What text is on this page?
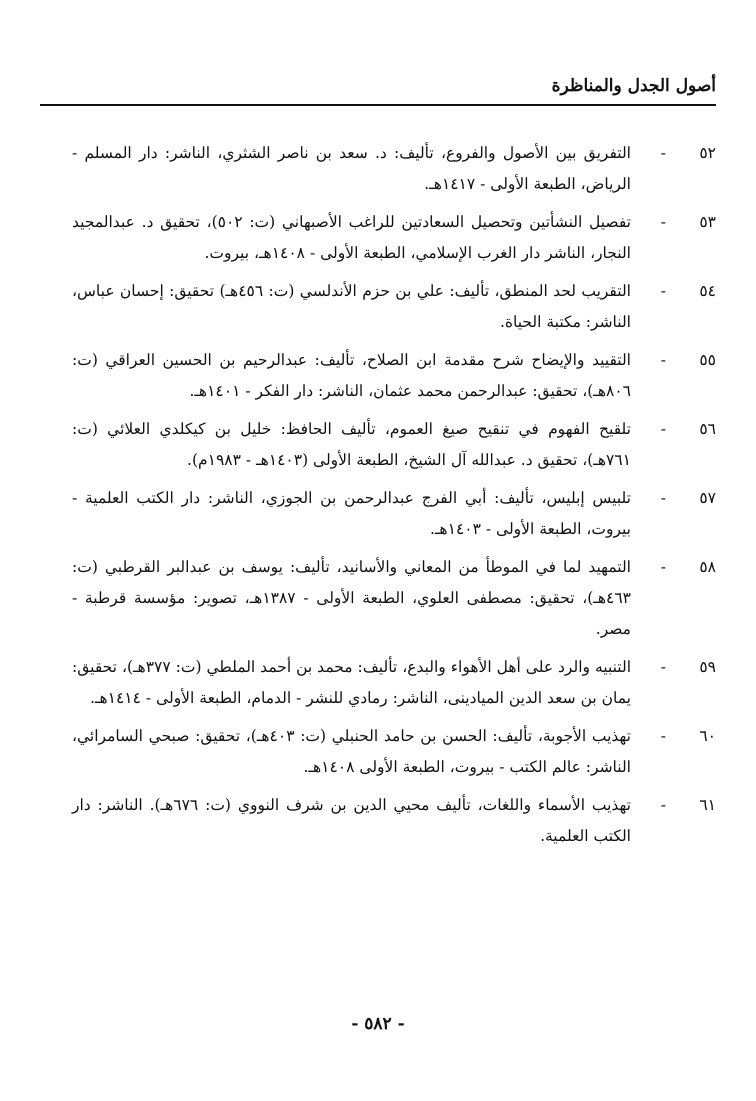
أصول الجدل والمناظرة
٥٢
-
التفريق بين الأصول والفروع، تأليف: د. سعد بن ناصر الشثري، الناشر: دار المسلم - الرياض، الطبعة الأولى - ١٤١٧هـ.
٥٣
-
تفصيل النشأتين وتحصيل السعادتين للراغب الأصبهاني (ت: ٥٠٢)، تحقيق د. عبدالمجيد النجار، الناشر دار الغرب الإسلامي، الطبعة الأولى - ١٤٠٨هـ، بيروت.
٥٤
-
التقريب لحد المنطق، تأليف: علي بن حزم الأندلسي (ت: ٤٥٦هـ) تحقيق: إحسان عباس، الناشر: مكتبة الحياة.
٥٥
-
التقييد والإيضاح شرح مقدمة ابن الصلاح، تأليف: عبدالرحيم بن الحسين العراقي (ت: ٨٠٦هـ)، تحقيق: عبدالرحمن محمد عثمان، الناشر: دار الفكر - ١٤٠١هـ.
٥٦
-
تلقيح الفهوم في تنقيح صيغ العموم، تأليف الحافظ: خليل بن كيكلدي العلائي (ت: ٧٦١هـ)، تحقيق د. عبدالله آل الشيخ، الطبعة الأولى (١٤٠٣هـ - ١٩٨٣م).
٥٧
-
تلبيس إبليس، تأليف: أبي الفرج عبدالرحمن بن الجوزي، الناشر: دار الكتب العلمية - بيروت، الطبعة الأولى - ١٤٠٣هـ.
٥٨
-
التمهيد لما في الموطأ من المعاني والأسانيد، تأليف: يوسف بن عبدالبر القرطبي (ت: ٤٦٣هـ)، تحقيق: مصطفى العلوي، الطبعة الأولى - ١٣٨٧هـ، تصوير: مؤسسة قرطبة - مصر.
٥٩
-
التنبيه والرد على أهل الأهواء والبدع، تأليف: محمد بن أحمد الملطي (ت: ٣٧٧هـ)، تحقيق: يمان بن سعد الدين الميادينى، الناشر: رمادي للنشر - الدمام، الطبعة الأولى - ١٤١٤هـ.
٦٠
-
تهذيب الأجوبة، تأليف: الحسن بن حامد الحنبلي (ت: ٤٠٣هـ)، تحقيق: صبحي السامرائي، الناشر: عالم الكتب - بيروت، الطبعة الأولى ١٤٠٨هـ.
٦١
-
تهذيب الأسماء واللغات، تأليف محيي الدين بن شرف النووي (ت: ٦٧٦هـ). الناشر: دار الكتب العلمية.
- ٥٨٢ -
